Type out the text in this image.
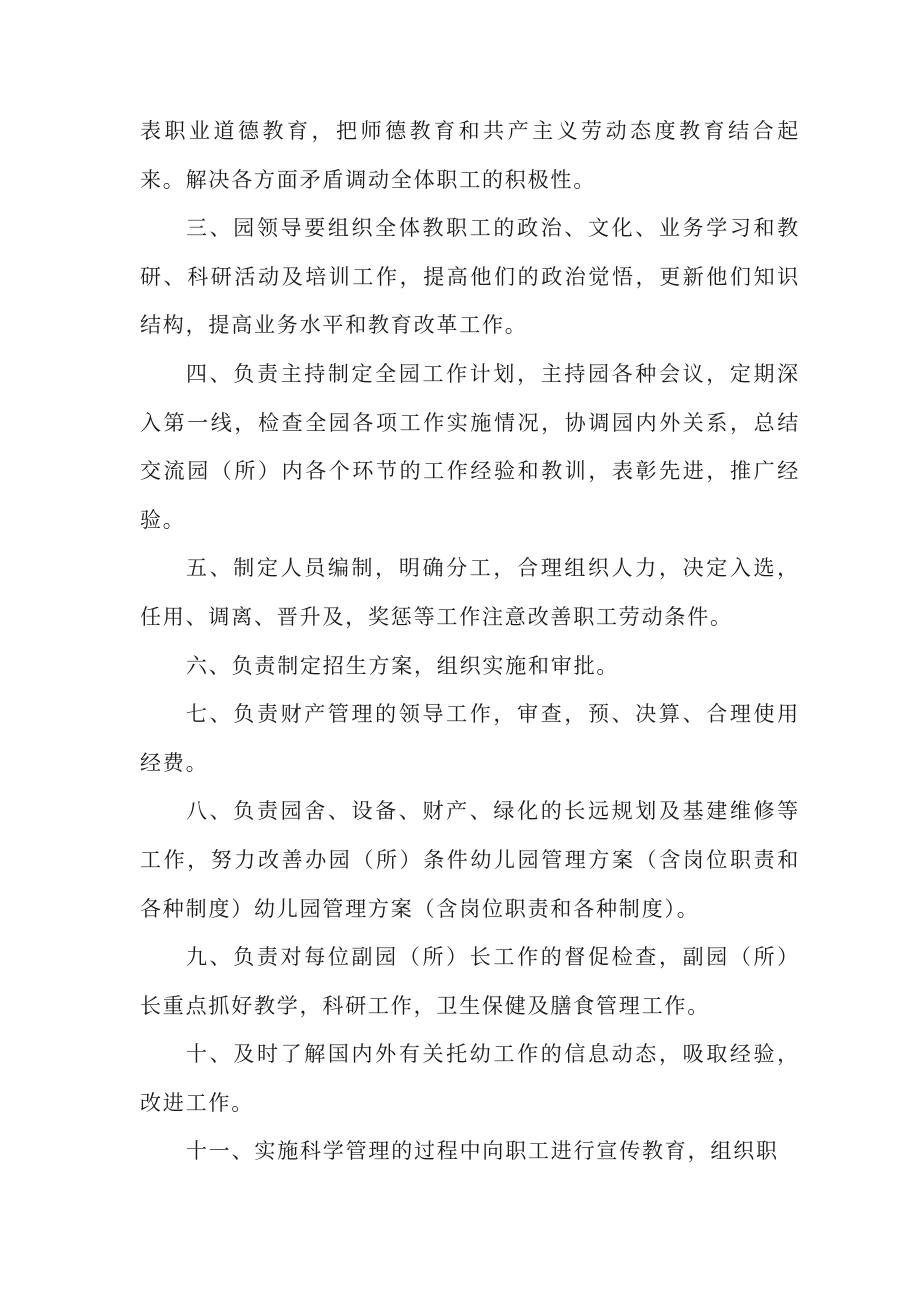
表职业道德教育，把师德教育和共产主义劳动态度教育结合起来。解决各方面矛盾调动全体职工的积极性。

三、园领导要组织全体教职工的政治、文化、业务学习和教研、科研活动及培训工作，提高他们的政治觉悟，更新他们知识结构，提高业务水平和教育改革工作。

四、负责主持制定全园工作计划，主持园各种会议，定期深入第一线，检查全园各项工作实施情况，协调园内外关系，总结交流园（所）内各个环节的工作经验和教训，表彰先进，推广经验。

五、制定人员编制，明确分工，合理组织人力，决定入选，任用、调离、晋升及，奖惩等工作注意改善职工劳动条件。

六、负责制定招生方案，组织实施和审批。

七、负责财产管理的领导工作，审查，预、决算、合理使用经费。

八、负责园舍、设备、财产、绿化的长远规划及基建维修等工作，努力改善办园（所）条件幼儿园管理方案（含岗位职责和各种制度）幼儿园管理方案（含岗位职责和各种制度）。

九、负责对每位副园（所）长工作的督促检查，副园（所）长重点抓好教学，科研工作，卫生保健及膳食管理工作。

十、及时了解国内外有关托幼工作的信息动态，吸取经验，改进工作。

十一、实施科学管理的过程中向职工进行宣传教育，组织职
